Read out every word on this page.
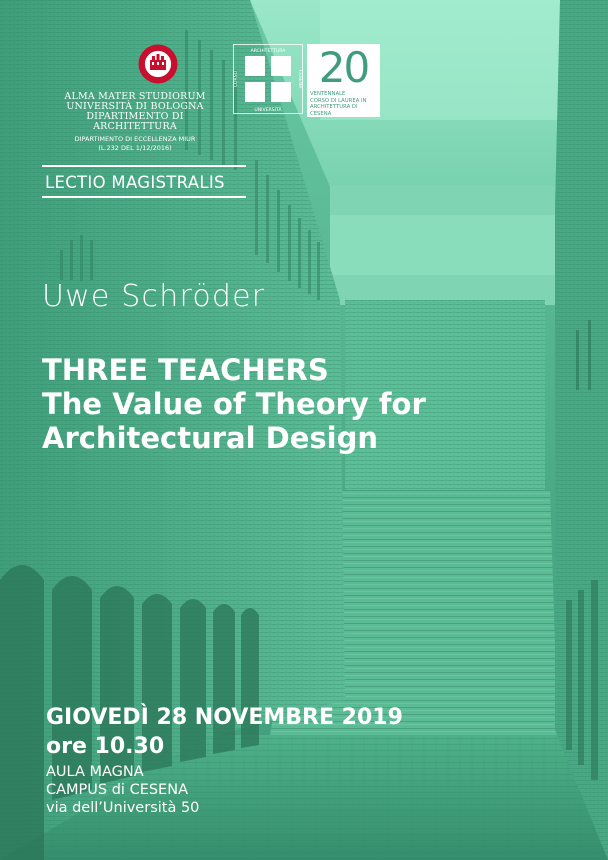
ALMA MATER STUDIORUM
UNIVERSITÀ DI BOLOGNA
DIPARTIMENTO DI ARCHITETTURA
DIPARTIMENTO DI ECCELLENZA MIUR
(L.232 DEL 1/12/2016)
ARCHITETTURA
UNIVERSITÀ
CESENA
CORSO 20
VENTENNALE
CORSO DI LAUREA IN
ARCHITETTURA DI CESENA
LECTIO MAGISTRALIS
Uwe Schröder
THREE TEACHERS
The Value of Theory for
Architectural Design
GIOVEDÌ 28 NOVEMBRE 2019
ore 10.30
AULA MAGNA
CAMPUS di CESENA
via dell’Università 50
